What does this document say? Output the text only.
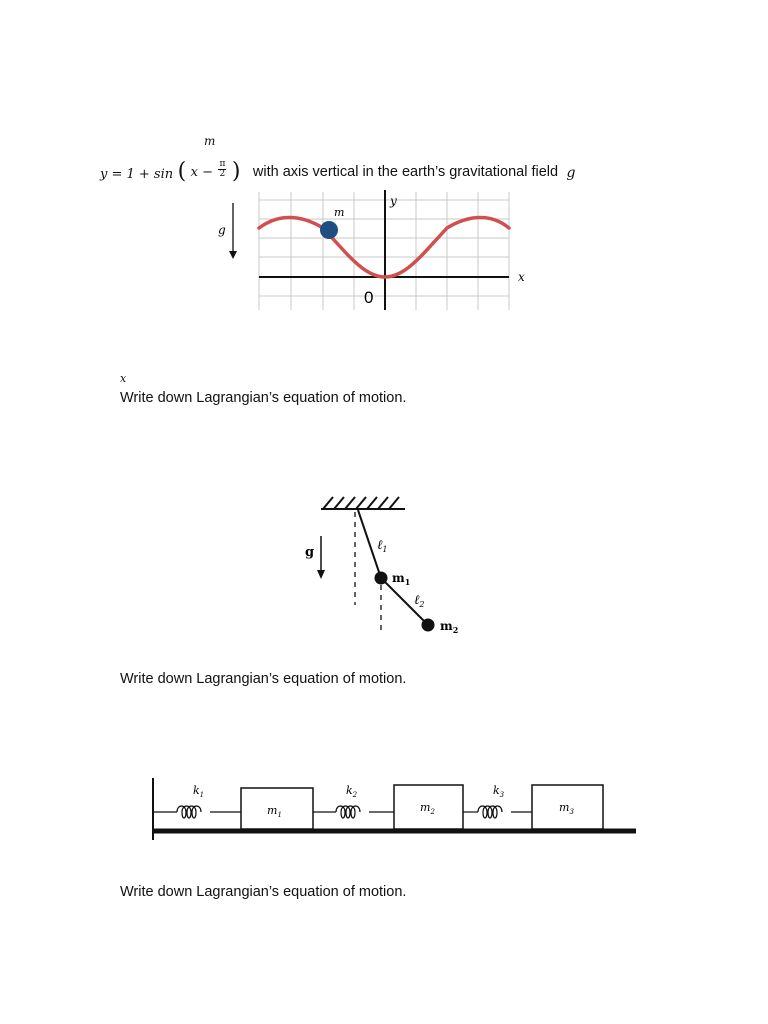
m
$_{y = 1 + sin}$ ( $x - \frac{\pi}{2}$ ) with axis vertical in the earth’s gravitational field g
y
x
m
0
g
x
Write down Lagrangian’s equation of motion.
g	ℓ$_1$
$m_1$
ℓ$_2$
$m_2$
Write down Lagrangian’s equation of motion.
$k_1$	$k_2$	$k_3$
$m_1$
$m_2$	$m_3$
Write down Lagrangian’s equation of motion.
